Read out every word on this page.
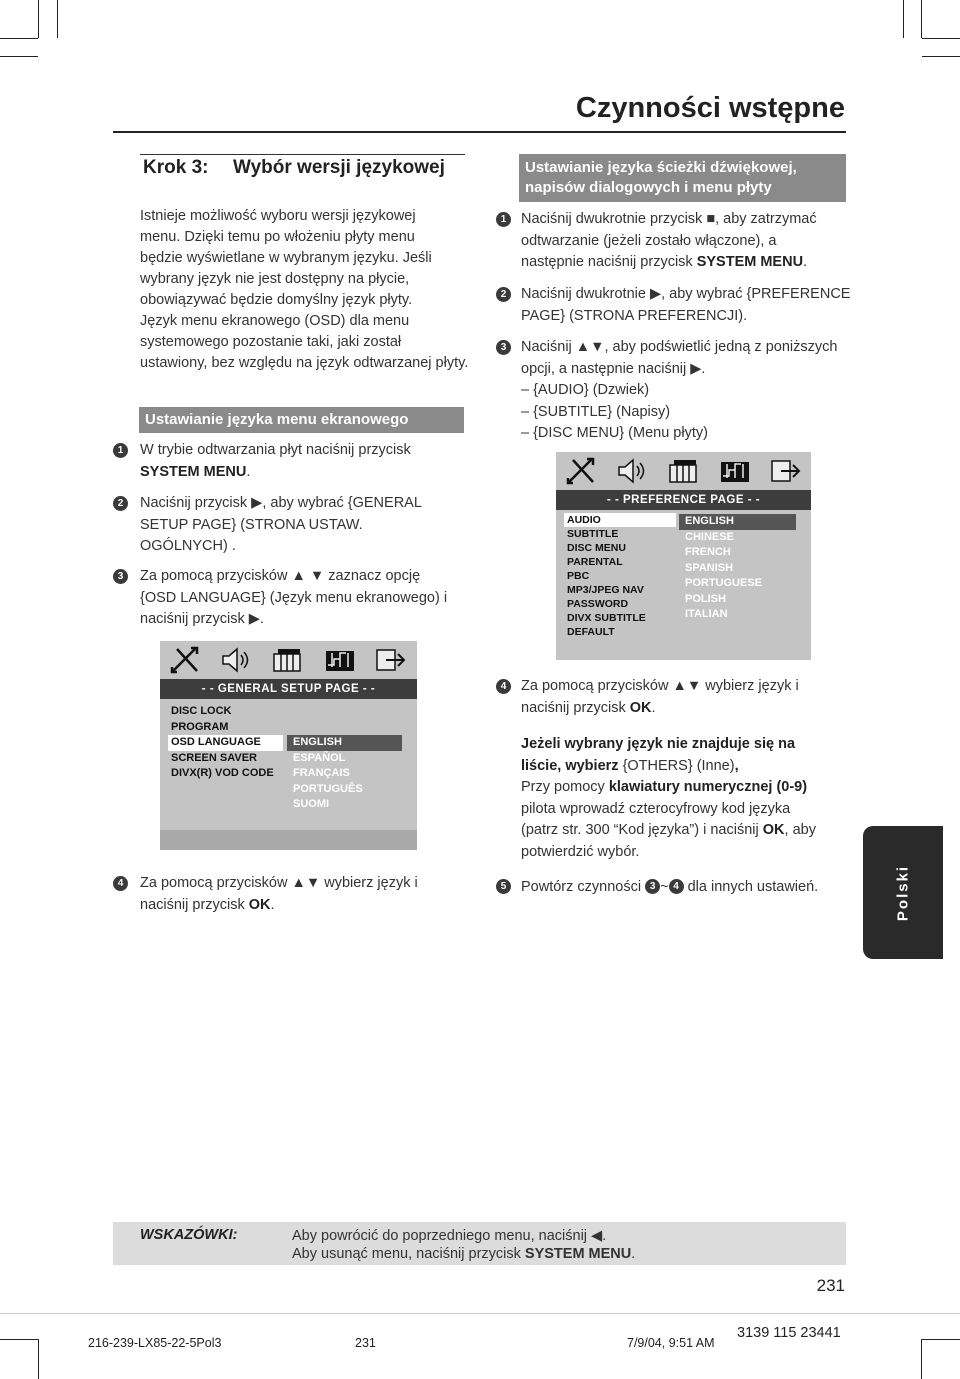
Czynności wstępne
Krok 3: Wybór wersji językowej
Istnieje możliwość wyboru wersji językowej
menu. Dzięki temu po włożeniu płyty menu
będzie wyświetlane w wybranym języku. Jeśli
wybrany język nie jest dostępny na płycie,
obowiązywać będzie domyślny język płyty.
Język menu ekranowego (OSD) dla menu
systemowego pozostanie taki, jaki został
ustawiony, bez względu na język odtwarzanej płyty.
Ustawianie języka menu ekranowego
1	W trybie odtwarzania płyt naciśnij przycisk
SYSTEM MENU.
2	Naciśnij przycisk ▶, aby wybrać {GENERAL
SETUP PAGE} (STRONA USTAW.
OGÓLNYCH) .
3	Za pomocą przycisków ▲ ▼ zaznacz opcję
{OSD LANGUAGE} (Język menu ekranowego) i
naciśnij przycisk ▶.
- - GENERAL SETUP PAGE - -
DISC LOCK
PROGRAM
OSD LANGUAGE
SCREEN SAVER
DIVX(R) VOD CODE
ENGLISH
ESPAÑOL
FRANÇAIS
PORTUGUÊS
SUOMI
4	Za pomocą przycisków ▲▼ wybierz język i
naciśnij przycisk OK.
Ustawianie języka ścieżki dźwiękowej,
napisów dialogowych i menu płyty
1	Naciśnij dwukrotnie przycisk ■, aby zatrzymać
odtwarzanie (jeżeli zostało włączone), a
następnie naciśnij przycisk SYSTEM MENU.
2	Naciśnij dwukrotnie ▶, aby wybrać {PREFERENCE
PAGE} (STRONA PREFERENCJI).
3	Naciśnij ▲▼, aby podświetlić jedną z poniższych
opcji, a następnie naciśnij ▶.
– {AUDIO} (Dzwiek)
– {SUBTITLE} (Napisy)
– {DISC MENU} (Menu płyty)
- - PREFERENCE PAGE - -
AUDIO
SUBTITLE
DISC MENU
PARENTAL
PBC
MP3/JPEG NAV
PASSWORD
DIVX SUBTITLE
DEFAULT
ENGLISH
CHINESE
FRENCH
SPANISH
PORTUGUESE
POLISH
ITALIAN
4	Za pomocą przycisków ▲▼ wybierz język i
naciśnij przycisk OK.
Jeżeli wybrany język nie znajduje się na
liście, wybierz {OTHERS} (Inne),
Przy pomocy klawiatury numerycznej (0-9)
pilota wprowadź czterocyfrowy kod języka
(patrz str. 300 “Kod języka”) i naciśnij OK, aby
potwierdzić wybór.
5	Powtórz czynności 3 ~ 4 dla innych ustawień.	Polski
WSKAZÓWKI:	Aby powrócić do poprzedniego menu, naciśnij ◀.
Aby usunąć menu, naciśnij przycisk SYSTEM MENU.
231
216-239-LX85-22-5Pol3	231	7/9/04, 9:51 AM
3139 115 23441
